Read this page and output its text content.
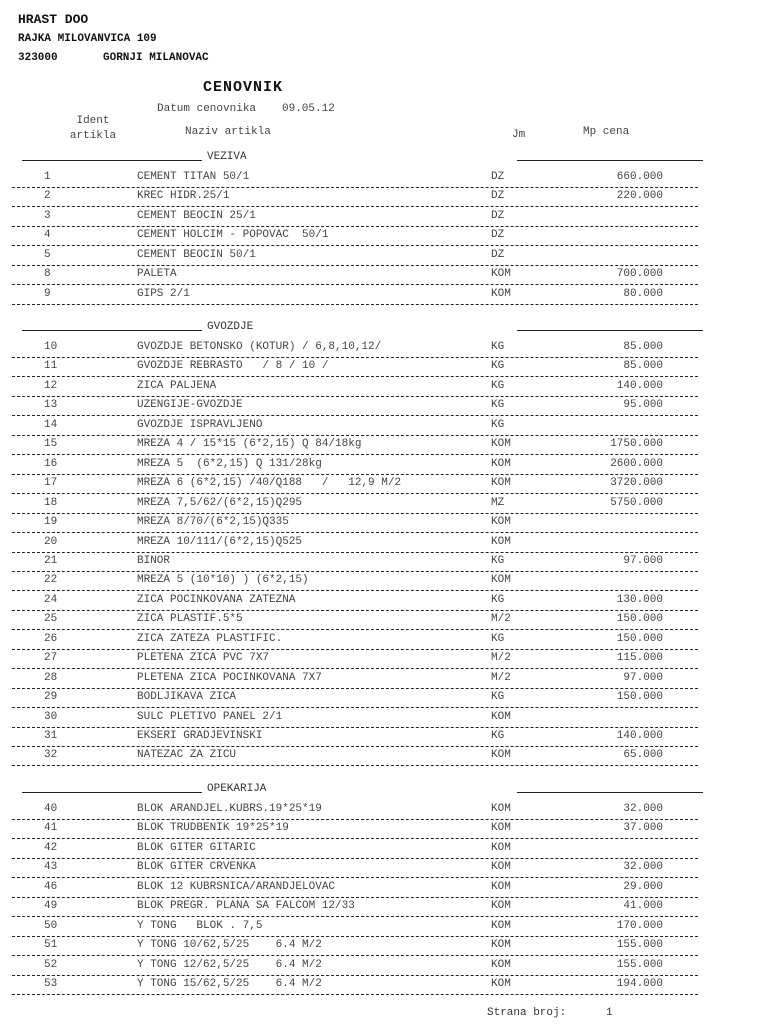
HRAST DOO
RAJKA MILOVANVICA 109
323000	GORNJI MILANOVAC
CENOVNIK
Datum cenovnika 09.05.12
Ident
artikla	Naziv artikla	Jm	Mp cena
VEZIVA
1	CEMENT TITAN 50/1	DZ	660.000
2	KREC HIDR.25/1	DZ	220.000
3	CEMENT BEOCIN 25/1	DZ
4	CEMENT HOLCIM - POPOVAC  50/1	DZ
5	CEMENT BEOCIN 50/1	DZ
8	PALETA	KOM	700.000
9	GIPS 2/1	KOM	80.000
GVOZDJE
10	GVOZDJE BETONSKO (KOTUR) / 6,8,10,12/	KG	85.000
11	GVOZDJE REBRASTO   / 8 / 10 /	KG	85.000
12	ZICA PALJENA	KG	140.000
13	UZENGIJE-GVOZDJE	KG	95.000
14	GVOZDJE ISPRAVLJENO	KG
15	MREZA 4 / 15*15 (6*2,15) Q 84/18kg	KOM	1750.000
16	MREZA 5  (6*2,15) Q 131/28kg	KOM	2600.000
17	MREZA 6 (6*2,15) /40/Q188   /   12,9 M/2	KOM	3720.000
18	MREZA 7,5/62/(6*2,15)Q295	MZ	5750.000
19	MREZA 8/70/(6*2,15)Q335	KOM
20	MREZA 10/111/(6*2,15)Q525	KOM
21	BINOR	KG	97.000
22	MREZA 5 (10*10) ) (6*2,15)	KOM
24	ZICA POCINKOVANA ZATEZNA	KG	130.000
25	ZICA PLASTIF.5*5	M/2	150.000
26	ZICA ZATEZA PLASTIFIC.	KG	150.000
27	PLETENA ZICA PVC 7X7	M/2	115.000
28	PLETENA ZICA POCINKOVANA 7X7	M/2	97.000
29	BODLJIKAVA ZICA	KG	150.000
30	SULC PLETIVO PANEL 2/1	KOM
31	EKSERI GRADJEVINSKI	KG	140.000
32	NATEZAC ZA ZICU	KOM	65.000
OPEKARIJA
40	BLOK ARANDJEL.KUBRS.19*25*19	KOM	32.000
41	BLOK TRUDBENIK 19*25*19	KOM	37.000
42	BLOK GITER GITARIC	KOM
43	BLOK GITER CRVENKA	KOM	32.000
46	BLOK 12 KUBRSNICA/ARANDJELOVAC	KOM	29.000
49	BLOK PREGR. PLANA SA FALCOM 12/33	KOM	41.000
50	Y TONG   BLOK . 7,5	KOM	170.000
51	Y TONG 10/62,5/25    6.4 M/2	KOM	155.000
52	Y TONG 12/62,5/25    6.4 M/2	KOM	155.000
53	Y TONG 15/62,5/25    6.4 M/2	KOM	194.000
Strana broj:	1
